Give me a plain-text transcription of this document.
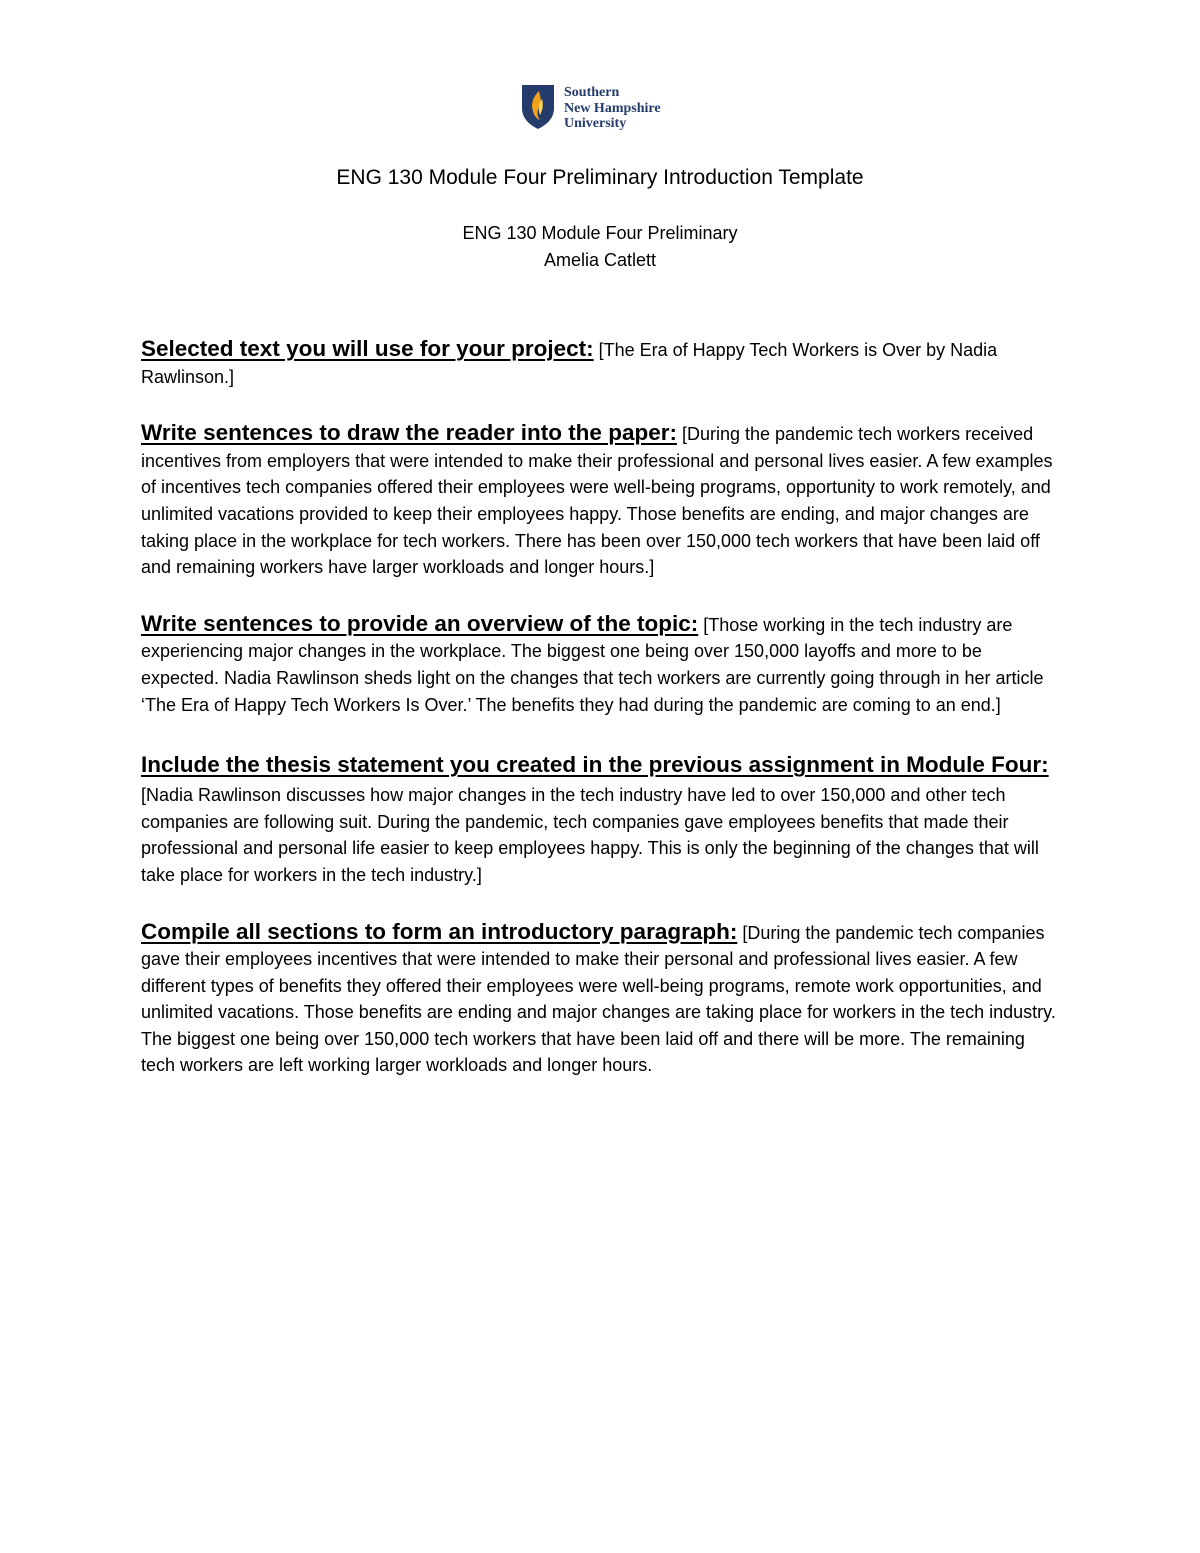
Southern
New Hampshire
University
ENG 130 Module Four Preliminary Introduction Template
ENG 130 Module Four Preliminary
Amelia Catlett

Selected text you will use for your project: [The Era of Happy Tech Workers is Over by Nadia Rawlinson.]

Write sentences to draw the reader into the paper: [During the pandemic tech workers received incentives from employers that were intended to make their professional and personal lives easier. A few examples of incentives tech companies offered their employees were well-being programs, opportunity to work remotely, and unlimited vacations provided to keep their employees happy. Those benefits are ending, and major changes are taking place in the workplace for tech workers. There has been over 150,000 tech workers that have been laid off and remaining workers have larger workloads and longer hours.]

Write sentences to provide an overview of the topic: [Those working in the tech industry are experiencing major changes in the workplace. The biggest one being over 150,000 layoffs and more to be expected. Nadia Rawlinson sheds light on the changes that tech workers are currently going through in her article ‘The Era of Happy Tech Workers Is Over.’ The benefits they had during the pandemic are coming to an end.]

Include the thesis statement you created in the previous assignment in Module Four: [Nadia Rawlinson discusses how major changes in the tech industry have led to over 150,000 and other tech companies are following suit. During the pandemic, tech companies gave employees benefits that made their professional and personal life easier to keep employees happy. This is only the beginning of the changes that will take place for workers in the tech industry.]

Compile all sections to form an introductory paragraph: [During the pandemic tech companies gave their employees incentives that were intended to make their personal and professional lives easier. A few different types of benefits they offered their employees were well-being programs, remote work opportunities, and unlimited vacations. Those benefits are ending and major changes are taking place for workers in the tech industry. The biggest one being over 150,000 tech workers that have been laid off and there will be more. The remaining tech workers are left working larger workloads and longer hours.
